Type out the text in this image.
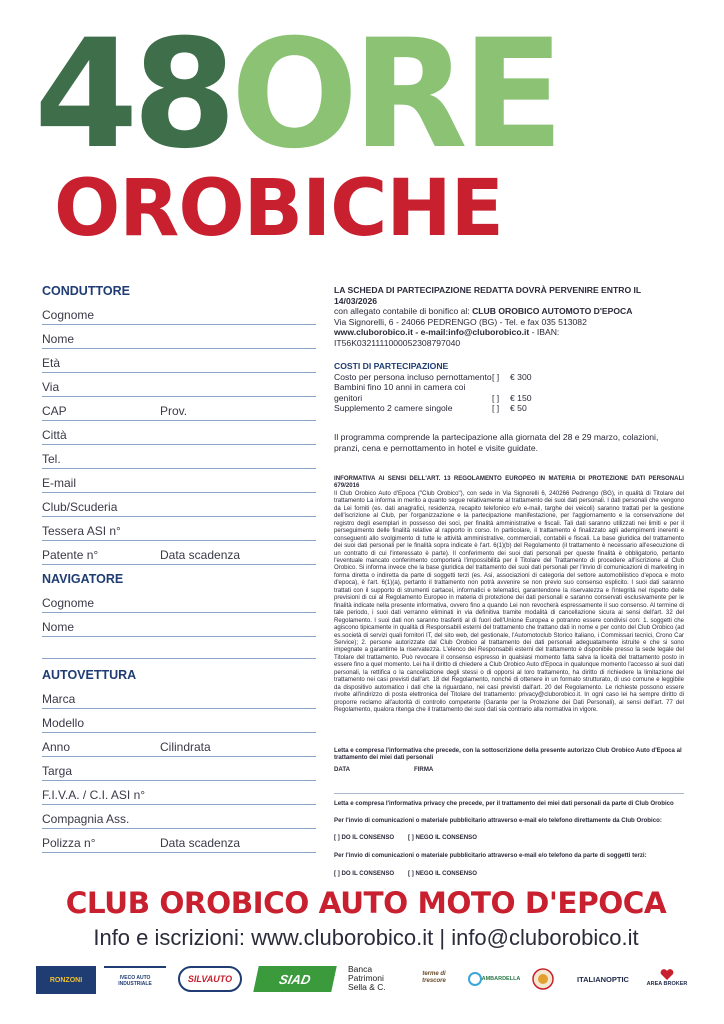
48ORE
OROBICHE
CONDUTTORE
Cognome
Nome
Età
Via
CAP	Prov.
Città
Tel.
E-mail
Club/Scuderia
Tessera ASI n°
Patente n°	Data scadenza
NAVIGATORE
Cognome
Nome
AUTOVETTURA
Marca
Modello
Anno	Cilindrata
Targa
F.I.V.A. / C.I. ASI n°
Compagnia Ass.
Polizza n°	Data scadenza
LA SCHEDA DI PARTECIPAZIONE REDATTA DOVRÀ PERVENIRE ENTRO IL 14/03/2026
con allegato contabile di bonifico al: CLUB OROBICO AUTOMOTO D'EPOCA
Via Signorelli, 6 - 24066 PEDRENGO (BG) - Tel. e fax 035 513082
www.cluborobico.it - e-mail:info@cluborobico.it - IBAN: IT56K0321111000052308797040
COSTI DI PARTECIPAZIONE
Costo per persona incluso pernottamento[ ] € 300
Bambini fino 10 anni in camera coi genitori	[ ] € 150
Supplemento 2 camere singole	[ ] € 50
Il programma comprende la partecipazione alla giornata del 28 e 29 marzo, colazioni, pranzi, cena e pernottamento in hotel e visite guidate.
INFORMATIVA AI SENSI DELL'ART. 13 REGOLAMENTO EUROPEO IN MATERIA DI PROTEZIONE DATI PERSONALI 679/2016
Il Club Orobico Auto d'Epoca ("Club Orobico"), con sede in Via Signorelli 6, 240266 Pedrengo (BG), in qualità di Titolare del trattamento La informa in merito a quanto segue relativamente al trattamento dei suoi dati personali. I dati personali che vengono da Lei forniti (es. dati anagrafici, residenza, recapito telefonico e/o e-mail, targhe dei veicoli) saranno trattati per la gestione dell'iscrizione al Club, per l'organizzazione e la partecipazione manifestazione, per l'aggiornamento e la conservazione del registro degli esemplari in possesso dei soci, per finalità amministrative e fiscali. Tali dati saranno utilizzati nei limiti e per il perseguimento delle finalità relative al rapporto in corso. In particolare, il trattamento è finalizzato agli adempimenti inerenti e conseguenti allo svolgimento di tutte le attività amministrative, commerciali, contabili e fiscali. La base giuridica del trattamento dei suoi dati personali per le finalità sopra indicate è l'art. 6(1)(b) del Regolamento (il trattamento è necessario all'esecuzione di un contratto di cui l'interessato è parte). Il conferimento dei suoi dati personali per queste finalità è obbligatorio, pertanto l'eventuale mancato conferimento comporterà l'impossibilità per il Titolare del Trattamento di procedere all'iscrizione al Club Orobico. Si informa invece che la base giuridica del trattamento dei suoi dati personali per l'invio di comunicazioni di marketing in forma diretta o indiretta da parte di soggetti terzi (es. Asi, associazioni di categoria del settore automobilistico d'epoca e moto d'epoca), è l'art. 6(1)(a), pertanto il trattamento non potrà avvenire se non previo suo consenso esplicito. I suoi dati saranno trattati con il supporto di strumenti cartacei, informatici e telematici, garantendone la riservatezza e l'integrità nel rispetto delle previsioni di cui al Regolamento Europeo in materia di protezione dei dati personali e saranno conservati esclusivamente per le finalità indicate nella presente informativa, ovvero fino a quando Lei non revocherà espressamente il suo consenso. Al termine di tale periodo, i suoi dati verranno eliminati in via definitiva tramite modalità di cancellazione sicura ai sensi dell'art. 32 del Regolamento. I suoi dati non saranno trasferiti al di fuori dell'Unione Europea e potranno essere condivisi con: 1. soggetti che agiscono tipicamente in qualità di Responsabili esterni del trattamento che trattano dati in nome e per conto del Club Orobico (ad es.società di servizi quali fornitori IT, del sito web, del gestionale, l'Automotoclub Storico Italiano, i Commissari tecnici, Crono Car Service); 2. persone autorizzate dal Club Orobico al trattamento dei dati personali adeguatamente istruite e che si sono impegnate a garantirne la riservatezza. L'elenco dei Responsabili esterni del trattamento è disponibile presso la sede legale del Titolare del trattamento. Può revocare il consenso espresso in qualsiasi momento fatta salva la liceità del trattamento posto in essere fino a quel momento. Lei ha il diritto di chiedere a Club Orobico Auto d'Epoca in qualunque momento l'accesso ai suoi dati personali, la rettifica o la cancellazione degli stessi o di opporsi al loro trattamento, ha diritto di richiedere la limitazione del trattamento nei casi previsti dall'art. 18 del Regolamento, nonché di ottenere in un formato strutturato, di uso comune e leggibile da dispositivo automatico i dati che la riguardano, nei casi previsti dall'art. 20 del Regolamento. Le richieste possono essere rivolte all'indirizzo di posta elettronica del Titolare del trattamento: privacy@cluborobico.it. In ogni caso lei ha sempre diritto di proporre reclamo all'autorità di controllo competente (Garante per la Protezione dei Dati Personali), ai sensi dell'art. 77 del Regolamento, qualora ritenga che il trattamento dei suoi dati sia contrario alla normativa in vigore.
Letta e compresa l'informativa che precede, con la sottoscrizione della presente autorizzo Club Orobico Auto d'Epoca al trattamento dei miei dati personali
DATA	FIRMA
Letta e compresa l'informativa privacy che precede, per il trattamento dei miei dati personali da parte di Club Orobico
Per l'invio di comunicazioni o materiale pubblicitario attraverso e-mail e/o telefono direttamente da Club Orobico:
[ ] DO IL CONSENSO	[ ] NEGO IL CONSENSO
Per l'invio di comunicazioni o materiale pubblicitario attraverso e-mail e/o telefono da parte di soggetti terzi:
[ ] DO IL CONSENSO	[ ] NEGO IL CONSENSO
CLUB OROBICO AUTO MOTO D'EPOCA
Info e iscrizioni: www.cluborobico.it | info@cluborobico.it
RONZONI	IVECO AUTO INDUSTRIALE	SILVAUTO	SIAD
Banca
Patrimoni
Sella & C.
terme di trescore	AMBARDELLA	ITALIANOPTIC
AREA BROKER
